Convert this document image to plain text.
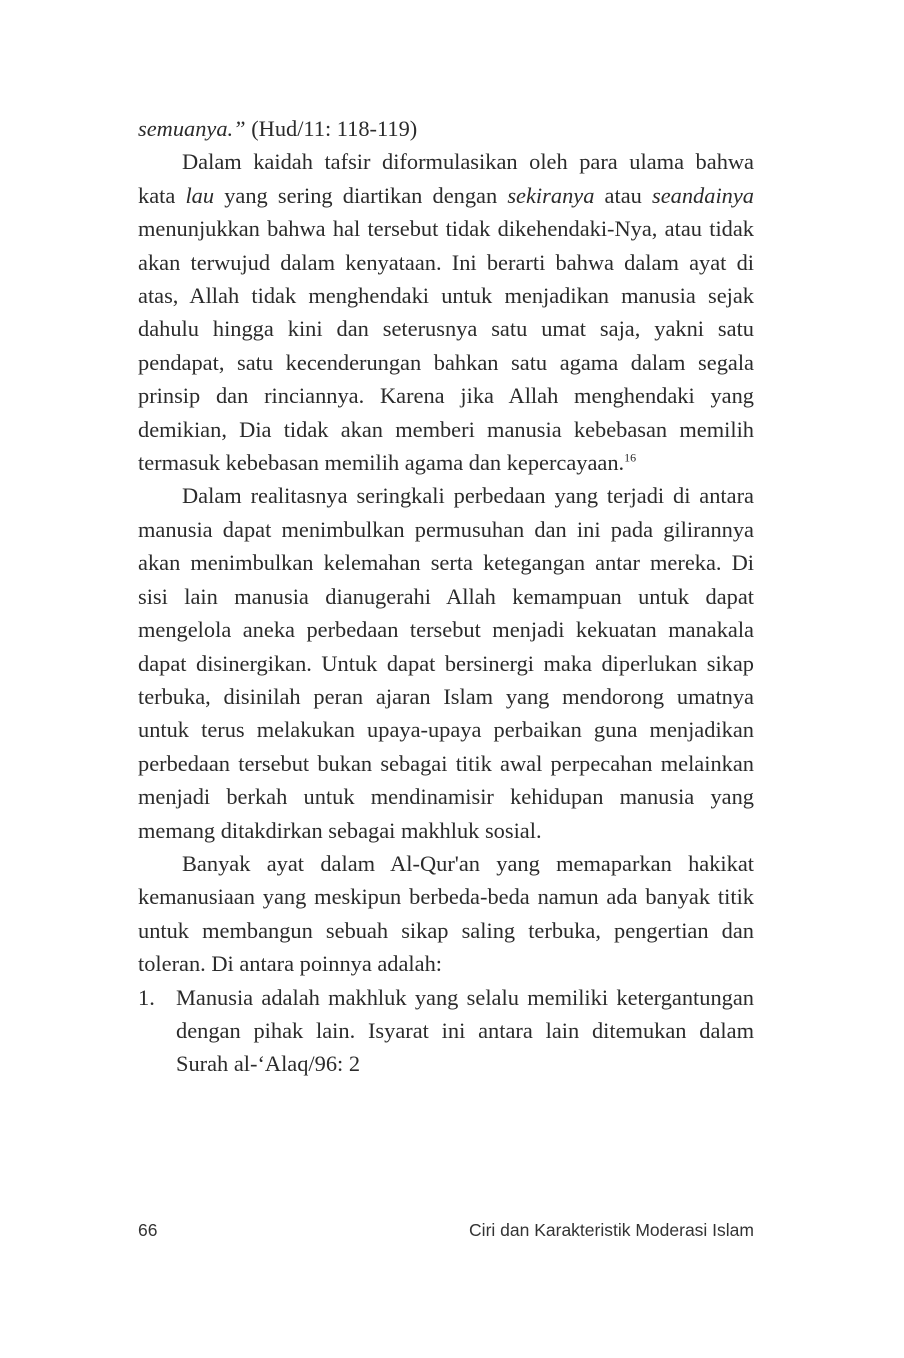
semuanya.” (Hud/11: 118-119)

Dalam kaidah tafsir diformulasikan oleh para ulama bahwa kata lau yang sering diartikan dengan sekiranya atau seandainya menunjukkan bahwa hal tersebut tidak dikehendaki-Nya, atau tidak akan terwujud dalam kenyataan. Ini berarti bahwa dalam ayat di atas, Allah tidak menghendaki untuk menjadikan manusia sejak dahulu hingga kini dan seterusnya satu umat saja, yakni satu pendapat, satu kecenderungan bahkan satu agama dalam segala prinsip dan rinciannya. Karena jika Allah menghendaki yang demikian, Dia tidak akan memberi manusia kebebasan memilih termasuk kebebasan memilih agama dan kepercayaan.$^{16}$

Dalam realitasnya seringkali perbedaan yang terjadi di antara manusia dapat menimbulkan permusuhan dan ini pada gilirannya akan menimbulkan kelemahan serta ketegangan antar mereka. Di sisi lain manusia dianugerahi Allah kemampuan untuk dapat mengelola aneka perbedaan tersebut menjadi kekuatan manakala dapat disinergikan. Untuk dapat bersinergi maka diperlukan sikap terbuka, disinilah peran ajaran Islam yang mendorong umatnya untuk terus melakukan upaya-upaya perbaikan guna menjadikan perbedaan tersebut bukan sebagai titik awal perpecahan melainkan menjadi berkah untuk mendinamisir kehidupan manusia yang memang ditakdirkan sebagai makhluk sosial.

Banyak ayat dalam Al-Qur'an yang memaparkan hakikat kemanusiaan yang meskipun berbeda-beda namun ada banyak titik untuk membangun sebuah sikap saling terbuka, pengertian dan toleran. Di antara poinnya adalah:

1. Manusia adalah makhluk yang selalu memiliki ketergantungan dengan pihak lain. Isyarat ini antara lain ditemukan dalam Surah al-‘Alaq/96: 2
66	Ciri dan Karakteristik Moderasi Islam
